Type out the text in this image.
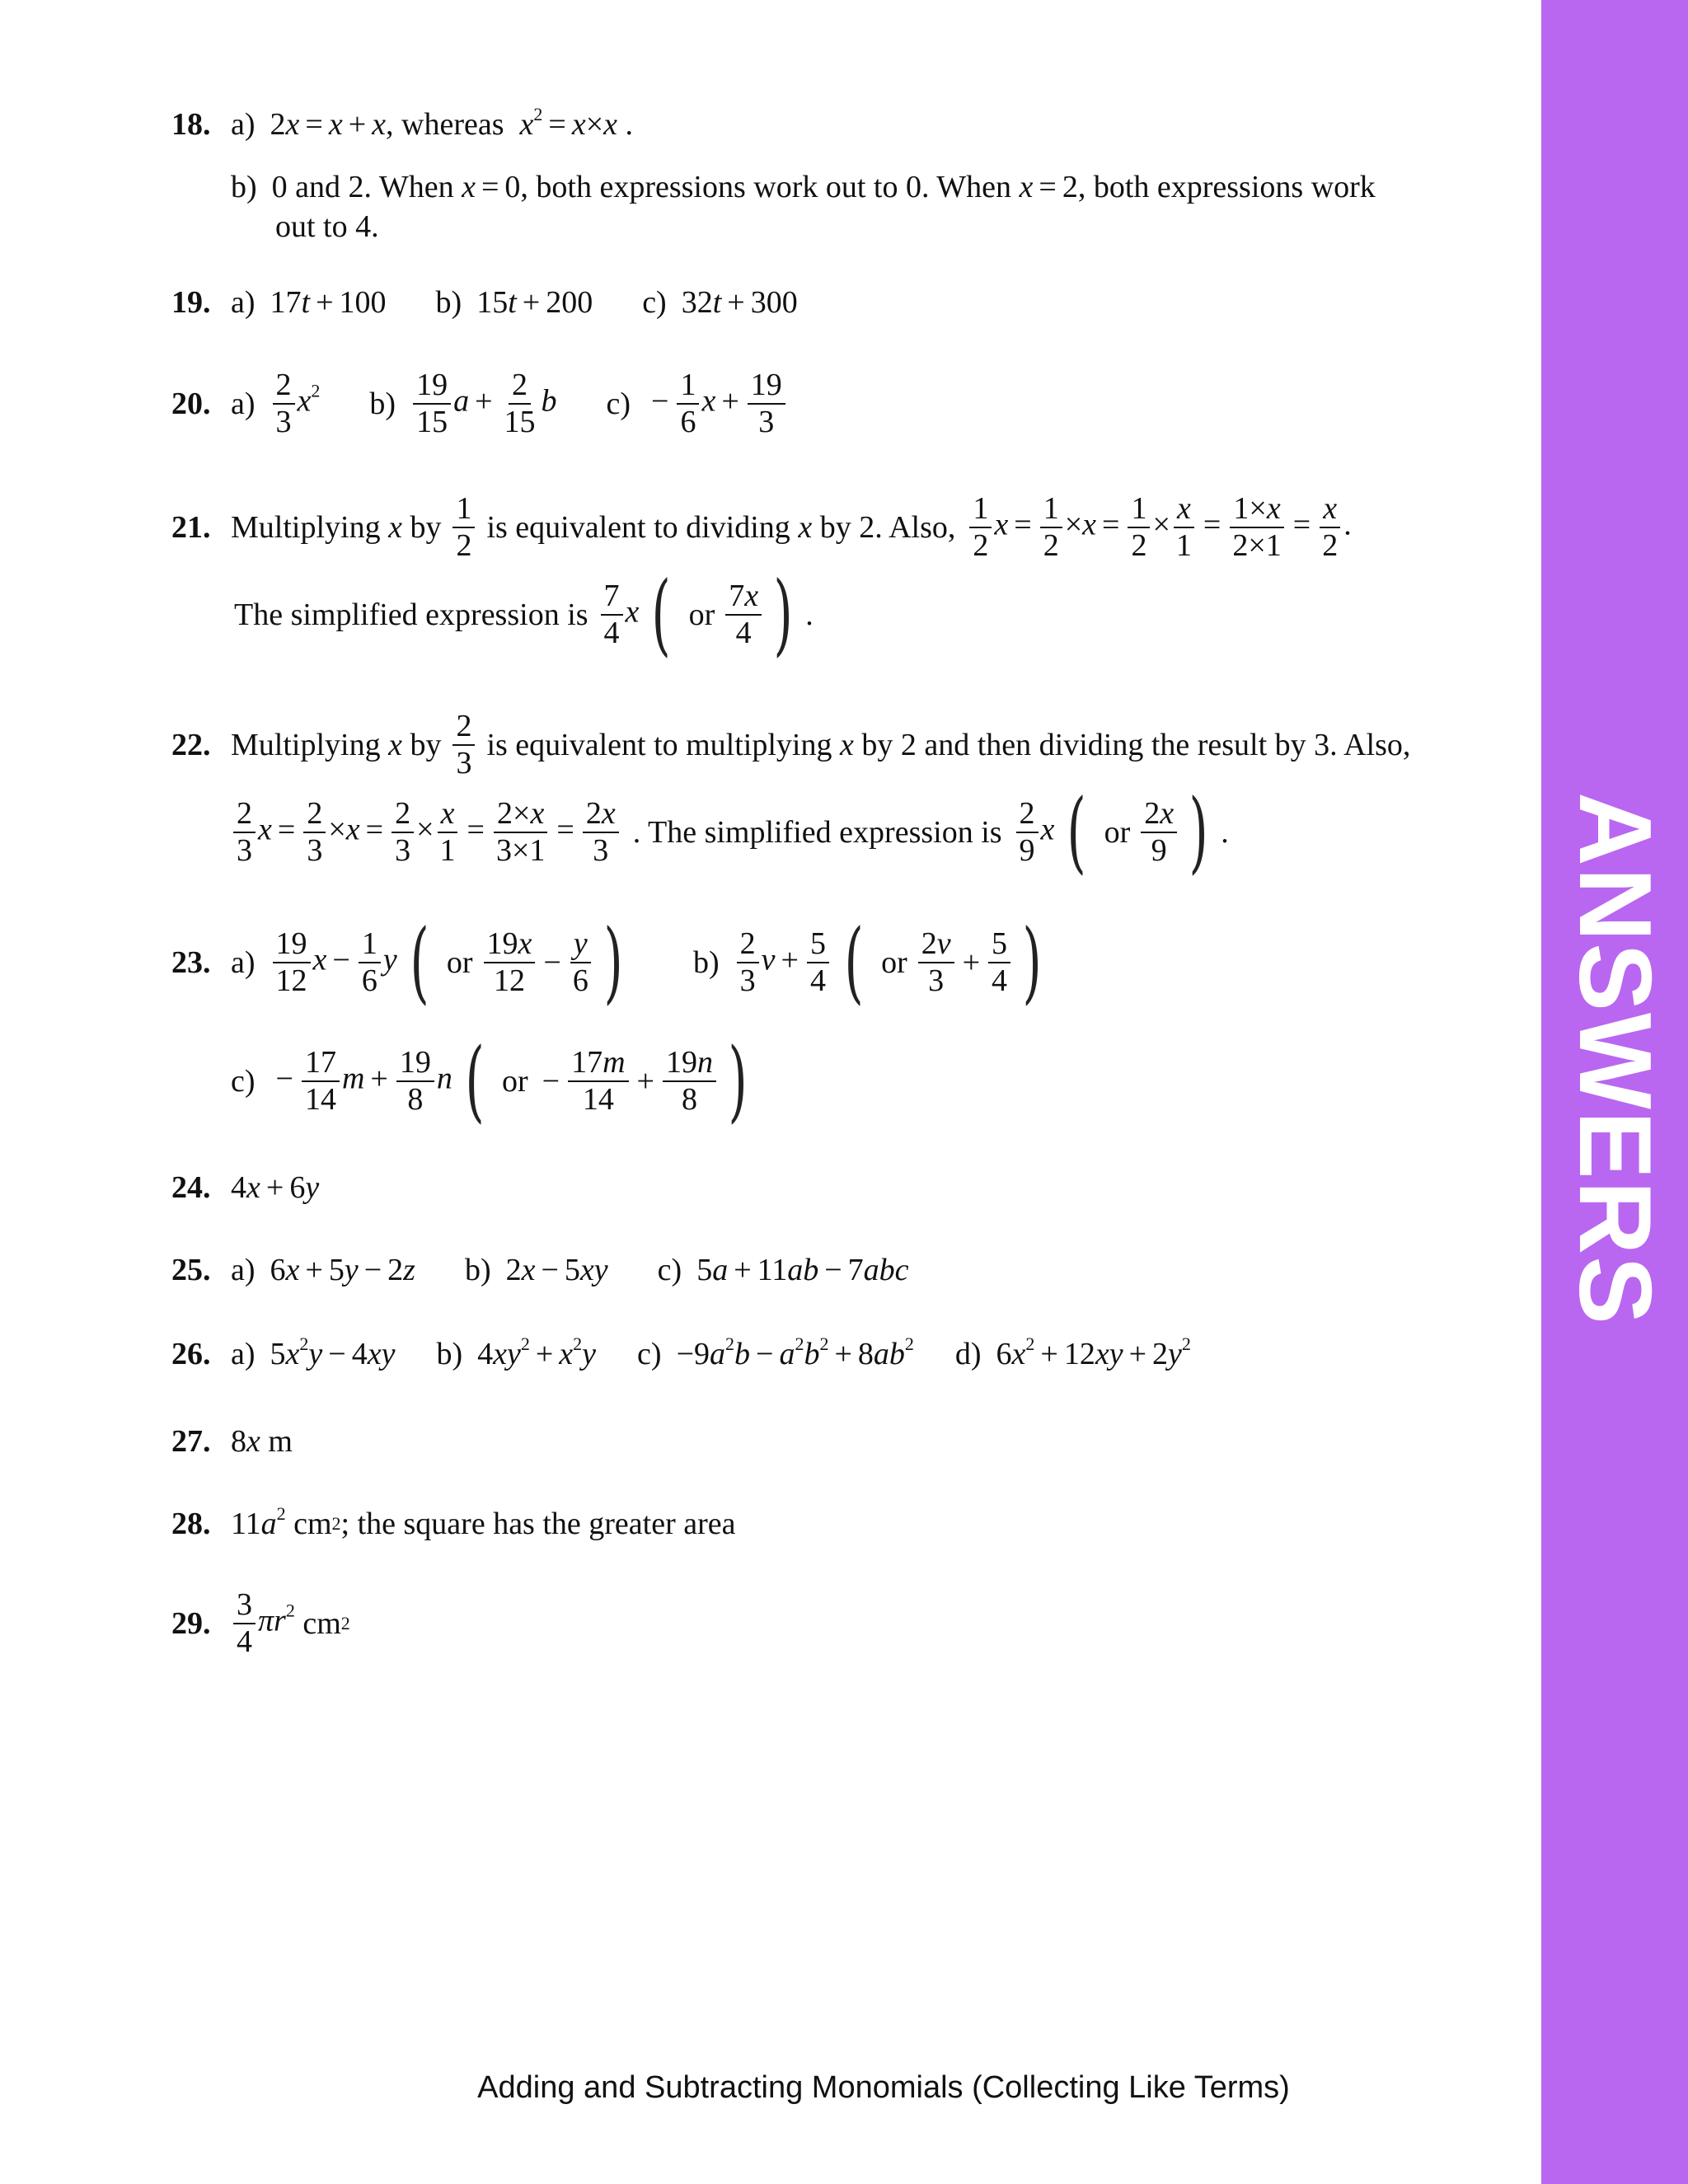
ANSWERS
18. a) 2x = x + x , whereas
$x^2 = x\times x$ .
b) 0 and 2. When
x = 0 , both expressions work out to 0. When
x = 2 , both expressions work
out to 4.
19. a) 17t + 100 b) 15t + 200 c) 32t + 300
20. $a) \frac{2}{3} x^2$ $b) \frac{19}{15}$ $a + \frac{2}{15}$ b $c) - \frac{1}{6}$ $x + \frac{19}{3}$
21. Multiplying
x
by $\frac{1}{2}$ is equivalent to dividing
x
by 2. Also, $\frac{1}{2}$ $x = \frac{1}{2} \times x = \frac{1}{2} \times \frac{x}{1} = \frac{1\times x}{2\times 1} = \frac{x}{2}$ .
The simplified expression is $\frac{7}{4}$ x ( or $\frac{7x}{4}$
) .
22. Multiplying
x
by $\frac{2}{3}$ is equivalent to multiplying
x
by 2 and then dividing the result by 3. Also,
$\frac{2}{3}$ $x = \frac{2}{3} \times x = \frac{2}{3} \times \frac{x}{1} = \frac{2\times x}{3\times 1} = \frac{2x}{3}$ . The simplified expression is $\frac{2}{9}$ x ( or $\frac{2x}{9}$
) .
23. $a) \frac{19}{12}$ $x - \frac{1}{6}$ y ( or $\frac{19x}{12} - \frac{y}{6}$
)	$b) \frac{2}{3}$ $v + \frac{5}{4}$ ( or $\frac{2v}{3} + \frac{5}{4}$
)
$c) - \frac{17}{14}$ $m + \frac{19}{8}$ n ( or − $\frac{17m}{14} + \frac{19n}{8}$
)
24. 4x + 6y
25. a) 6x + 5y − 2z b) 2x − 5xy c) 5a + 11ab − 7abc
26. a) $5x^2y - 4xy$ b) $4xy^2 + x^2y$ $c) -9a^2b - a^2b^2 + 8ab^2$ d) $6x^2 + 12xy + 2y^2$
27. 8x m
28. $11a^2$ cm 2 ; the square has the greater area
29. $\frac{3}{4} \pi r^2$ cm 2
Adding and Subtracting Monomials (Collecting Like Terms)
